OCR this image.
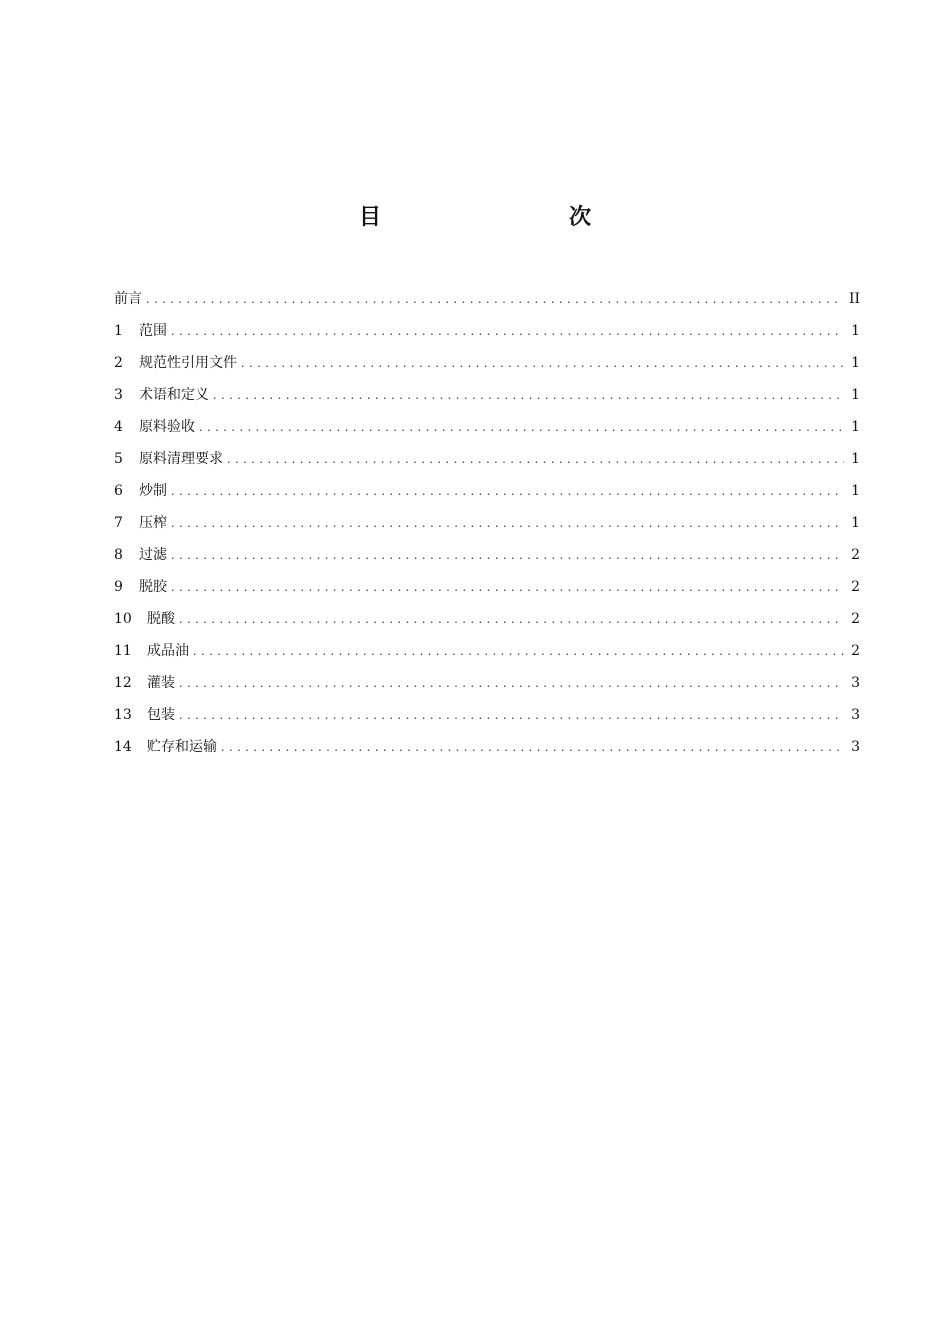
目　　次
前言 .....	II
1	范围 .....	1
2	规范性引用文件 .....	1
3	术语和定义 .....	1
4	原料验收 .....	1
5	原料清理要求 .....	1
6	炒制 .....	1
7	压榨 .....	1
8	过滤 .....	2
9	脱胶 .....	2
10	脱酸 .....	2
11	成品油 .....	2
12	灌装 .....	3
13	包装 .....	3
14	贮存和运输 .....	3
